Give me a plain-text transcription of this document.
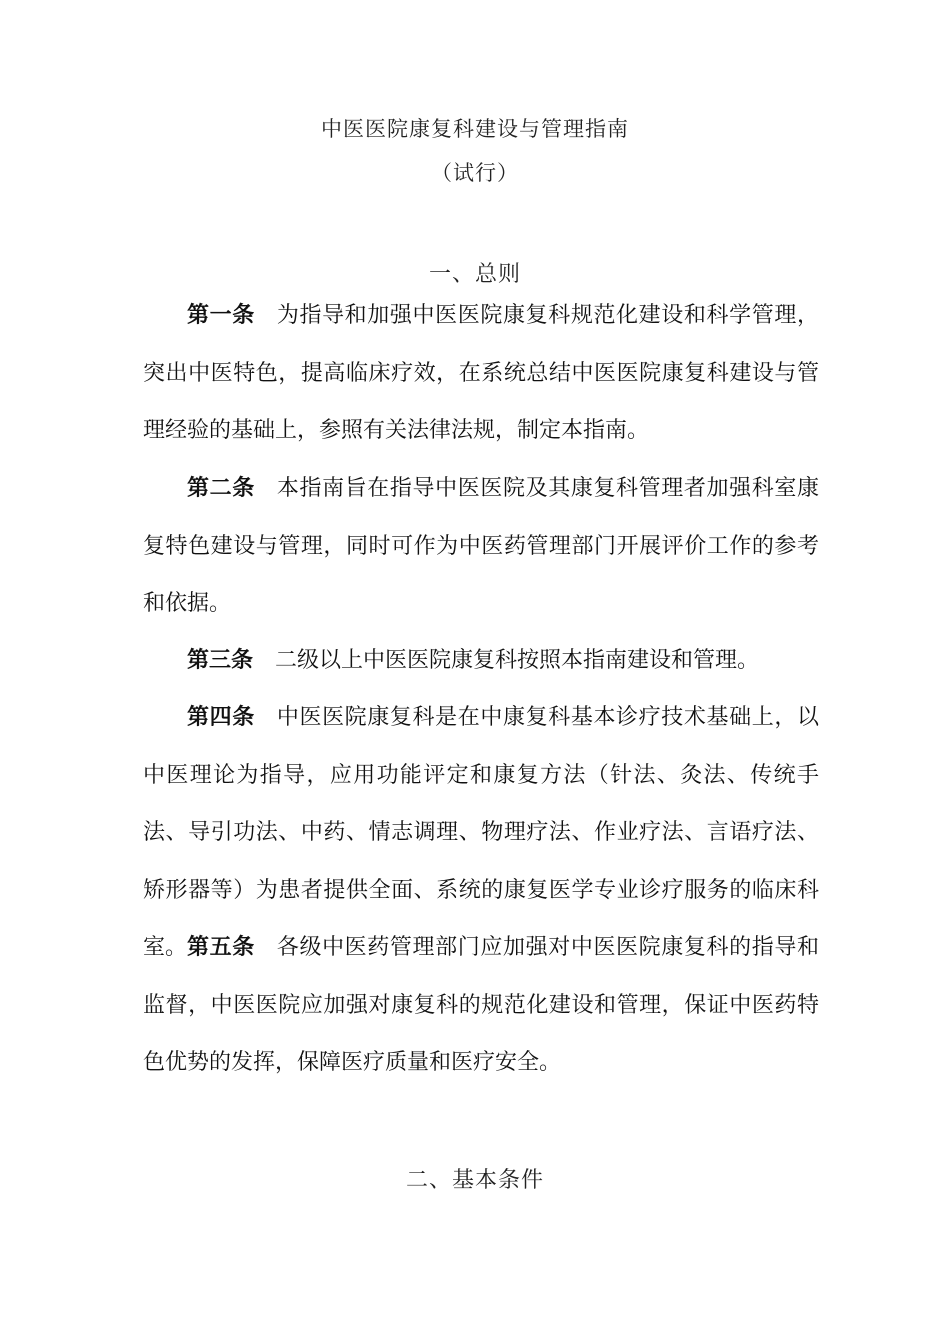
中医医院康复科建设与管理指南
（试行）
一、总则

第一条 为指导和加强中医医院康复科规范化建设和科学管理，突出中医特色，提高临床疗效，在系统总结中医医院康复科建设与管理经验的基础上，参照有关法律法规，制定本指南。

第二条 本指南旨在指导中医医院及其康复科管理者加强科室康复特色建设与管理，同时可作为中医药管理部门开展评价工作的参考和依据。

第三条 二级以上中医医院康复科按照本指南建设和管理。

第四条 中医医院康复科是在中康复科基本诊疗技术基础上，以中医理论为指导，应用功能评定和康复方法（针法、灸法、传统手法、导引功法、中药、情志调理、物理疗法、作业疗法、言语疗法、矫形器等）为患者提供全面、系统的康复医学专业诊疗服务的临床科室。 第五条 各级中医药管理部门应加强对中医医院康复科的指导和监督，中医医院应加强对康复科的规范化建设和管理，保证中医药特色优势的发挥，保障医疗质量和医疗安全。

二、基本条件
